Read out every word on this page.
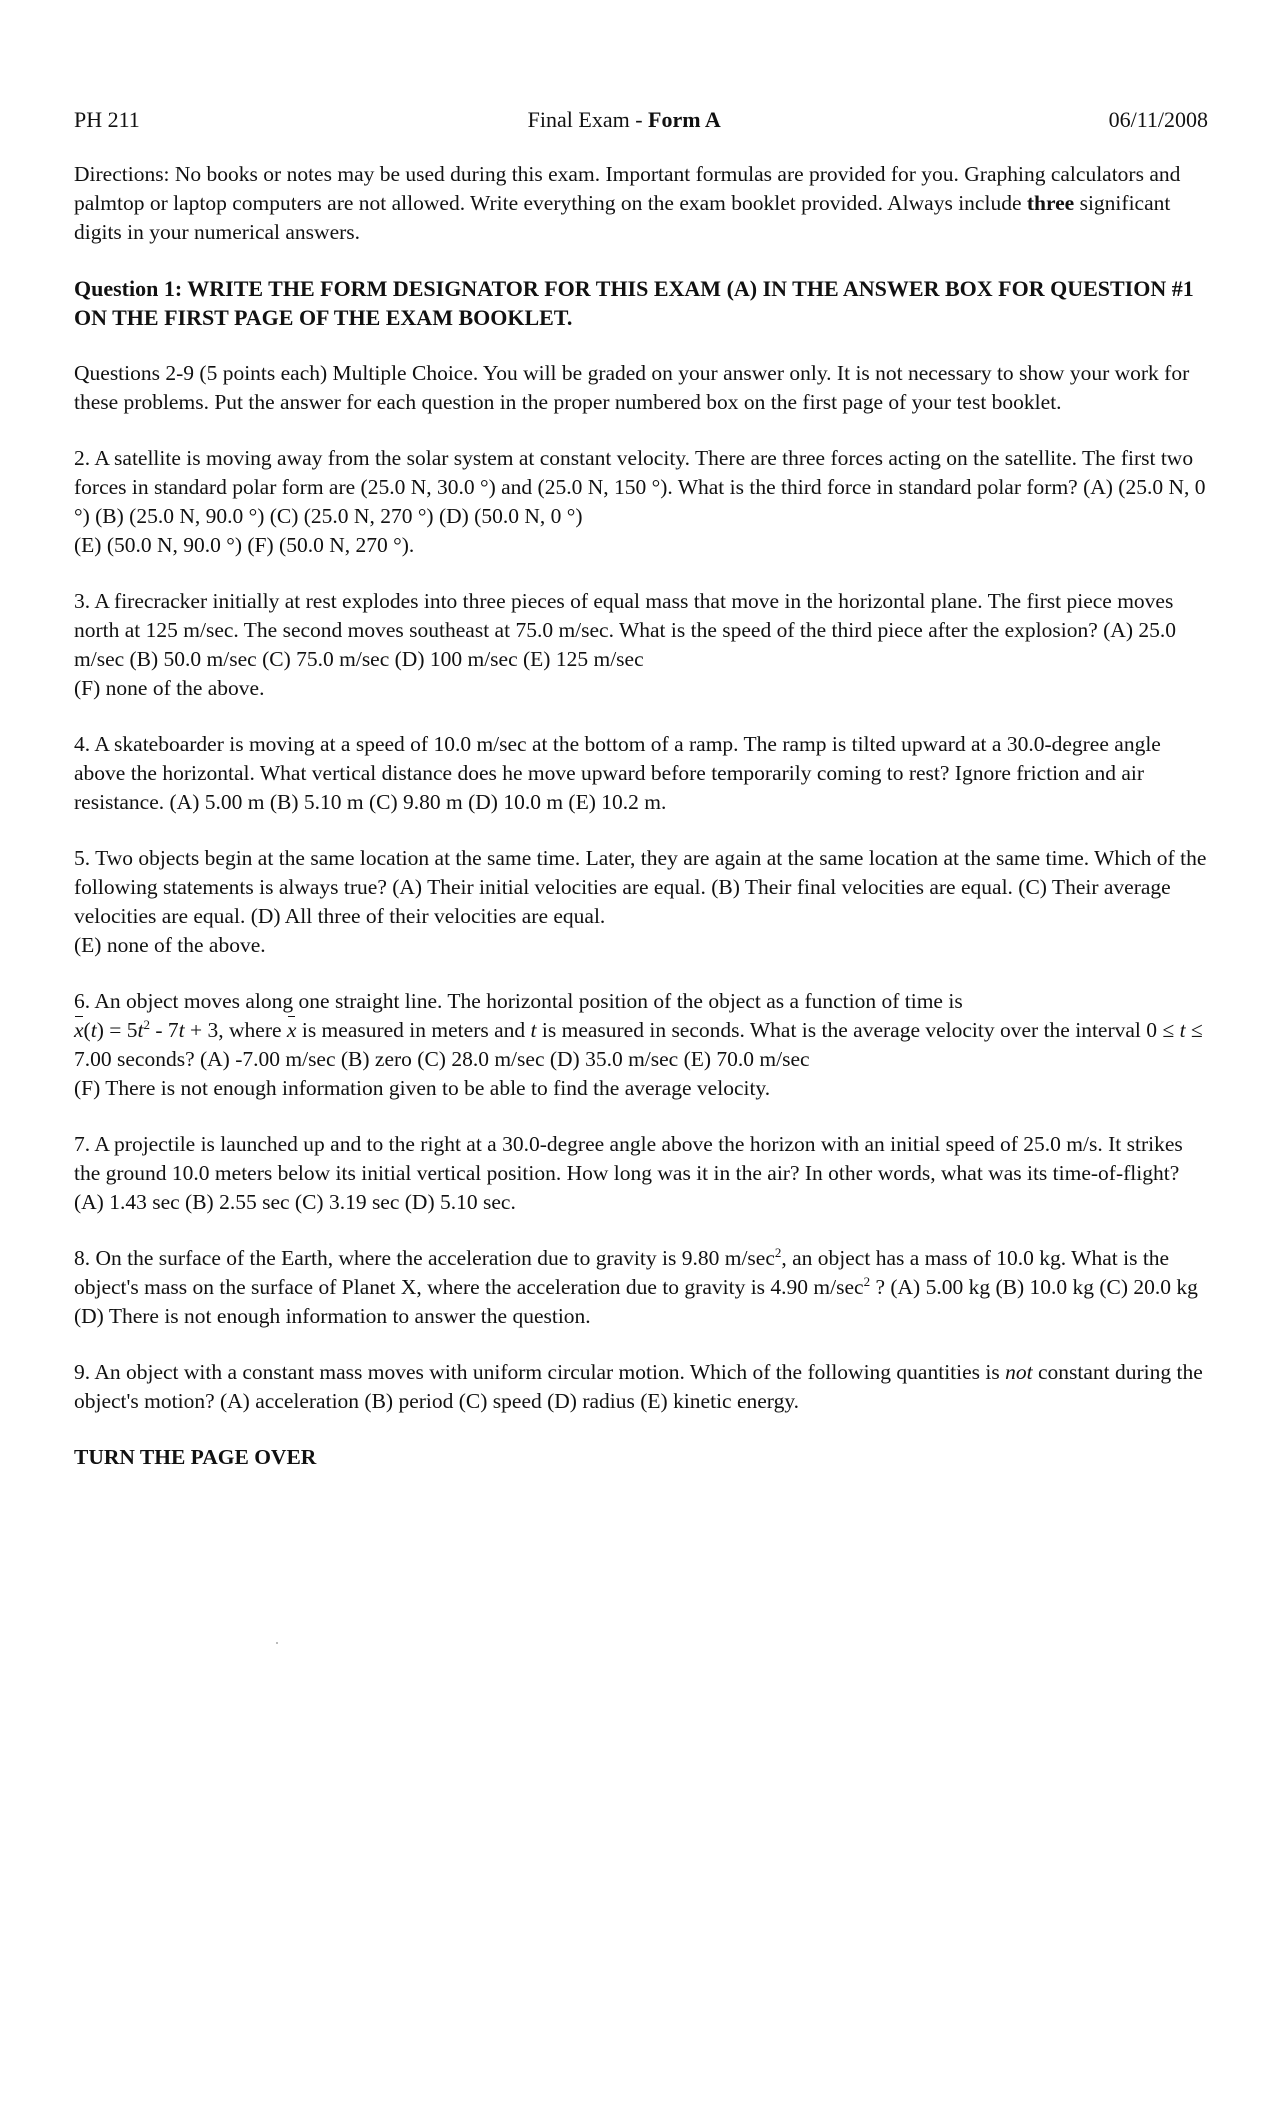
PH 211	Final Exam - Form A	06/11/2008

Directions: No books or notes may be used during this exam. Important formulas are provided for you. Graphing calculators and palmtop or laptop computers are not allowed. Write everything on the exam booklet provided. Always include three significant digits in your numerical answers.

Question 1: WRITE THE FORM DESIGNATOR FOR THIS EXAM (A) IN THE ANSWER BOX FOR QUESTION #1 ON THE FIRST PAGE OF THE EXAM BOOKLET.

Questions 2-9 (5 points each) Multiple Choice. You will be graded on your answer only. It is not necessary to show your work for these problems. Put the answer for each question in the proper numbered box on the first page of your test booklet.

2. A satellite is moving away from the solar system at constant velocity. There are three forces acting on the satellite. The first two forces in standard polar form are (25.0 N, 30.0 °) and (25.0 N, 150 °). What is the third force in standard polar form? (A) (25.0 N, 0 °) (B) (25.0 N, 90.0 °) (C) (25.0 N, 270 °) (D) (50.0 N, 0 °)
(E) (50.0 N, 90.0 °) (F) (50.0 N, 270 °).

3. A firecracker initially at rest explodes into three pieces of equal mass that move in the horizontal plane. The first piece moves north at 125 m/sec. The second moves southeast at 75.0 m/sec. What is the speed of the third piece after the explosion? (A) 25.0 m/sec (B) 50.0 m/sec (C) 75.0 m/sec (D) 100 m/sec (E) 125 m/sec
(F) none of the above.

4. A skateboarder is moving at a speed of 10.0 m/sec at the bottom of a ramp. The ramp is tilted upward at a 30.0-degree angle above the horizontal. What vertical distance does he move upward before temporarily coming to rest? Ignore friction and air resistance. (A) 5.00 m (B) 5.10 m (C) 9.80 m (D) 10.0 m (E) 10.2 m.

5. Two objects begin at the same location at the same time. Later, they are again at the same location at the same time. Which of the following statements is always true? (A) Their initial velocities are equal. (B) Their final velocities are equal. (C) Their average velocities are equal. (D) All three of their velocities are equal.
(E) none of the above.

6. An object moves along one straight line. The horizontal position of the object as a function of time is
$x(t) = 5t^2 - 7t + 3$, where x is measured in meters and t is measured in seconds. What is the average velocity over the interval 0 ≤ t ≤ 7.00 seconds? (A) -7.00 m/sec (B) zero (C) 28.0 m/sec (D) 35.0 m/sec (E) 70.0 m/sec
(F) There is not enough information given to be able to find the average velocity.

7. A projectile is launched up and to the right at a 30.0-degree angle above the horizon with an initial speed of 25.0 m/s. It strikes the ground 10.0 meters below its initial vertical position. How long was it in the air? In other words, what was its time-of-flight? (A) 1.43 sec (B) 2.55 sec (C) 3.19 sec (D) 5.10 sec.

8. On the surface of the Earth, where the acceleration due to gravity is 9.80 $m/\sec^2$, an object has a mass of 10.0 kg. What is the object's mass on the surface of Planet X, where the acceleration due to gravity is 4.90 $m/\sec^2$ ? (A) 5.00 kg (B) 10.0 kg (C) 20.0 kg (D) There is not enough information to answer the question.

9. An object with a constant mass moves with uniform circular motion. Which of the following quantities is not constant during the object's motion? (A) acceleration (B) period (C) speed (D) radius (E) kinetic energy.

TURN THE PAGE OVER
